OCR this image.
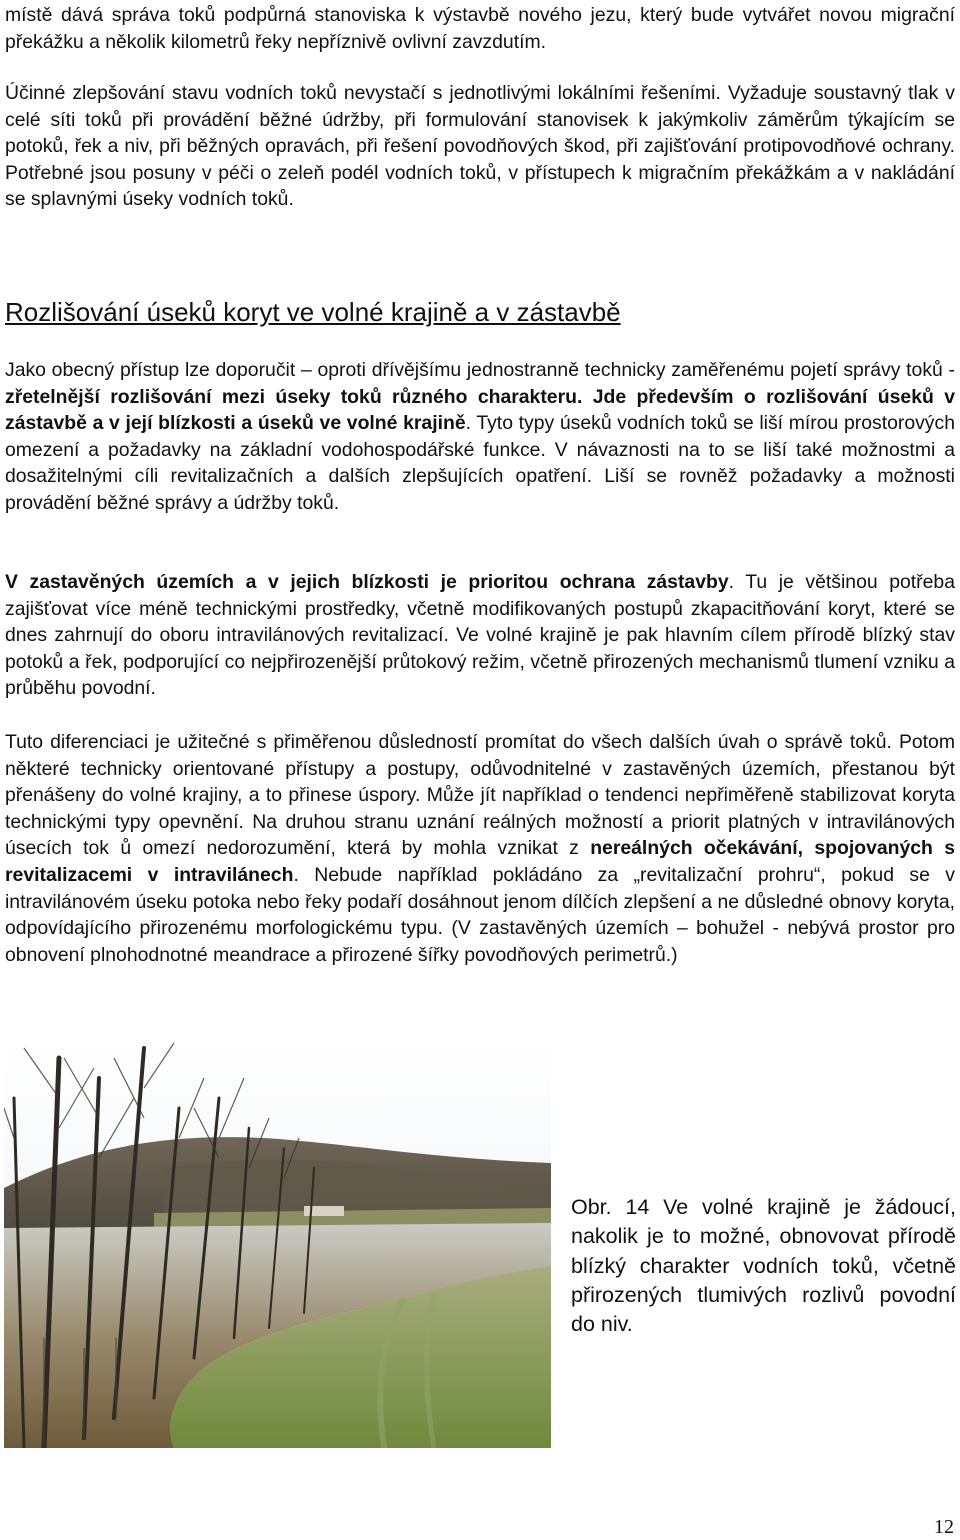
místě dává správa toků podpůrná stanoviska k výstavbě nového jezu, který bude vytvářet novou migrační překážku a několik kilometrů řeky nepříznivě ovlivní zavzdutím.

Účinné zlepšování stavu vodních toků nevystačí s jednotlivými lokálními řešeními. Vyžaduje soustavný tlak v celé síti toků při provádění běžné údržby, při formulování stanovisek k jakýmkoliv záměrům týkajícím se potoků, řek a niv, při běžných opravách, při řešení povodňových škod, při zajišťování protipovodňové ochrany. Potřebné jsou posuny v péči o zeleň podél vodních toků, v přístupech k migračním překážkám a v nakládání se splavnými úseky vodních toků.

Rozlišování úseků koryt ve volné krajině a v zástavbě

Jako obecný přístup lze doporučit – oproti dřívějšímu jednostranně technicky zaměřenému pojetí správy toků - zřetelnější rozlišování mezi úseky toků různého charakteru. Jde především o rozlišování úseků v zástavbě a v její blízkosti a úseků ve volné krajině. Tyto typy úseků vodních toků se liší mírou prostorových omezení a požadavky na základní vodohospodářské funkce. V návaznosti na to se liší také možnostmi a dosažitelnými cíli revitalizačních a dalších zlepšujících opatření. Liší se rovněž požadavky a možnosti provádění běžné správy a údržby toků.

V zastavěných územích a v jejich blízkosti je prioritou ochrana zástavby. Tu je většinou potřeba zajišťovat více méně technickými prostředky, včetně modifikovaných postupů zkapacitňování koryt, které se dnes zahrnují do oboru intravilánových revitalizací. Ve volné krajině je pak hlavním cílem přírodě blízký stav potoků a řek, podporující co nejpřirozenější průtokový režim, včetně přirozených mechanismů tlumení vzniku a průběhu povodní.

Tuto diferenciaci je užitečné s přiměřenou důsledností promítat do všech dalších úvah o správě toků. Potom některé technicky orientované přístupy a postupy, odůvodnitelné v zastavěných územích, přestanou být přenášeny do volné krajiny, a to přinese úspory. Může jít například o tendenci nepřiměřeně stabilizovat koryta technickými typy opevnění. Na druhou stranu uznání reálných možností a priorit platných v intravilánových úsecích tok ů omezí nedorozumění, která by mohla vznikat z nereálných očekávání, spojovaných s revitalizacemi v intravilánech. Nebude například pokládáno za „revitalizační prohru“, pokud se v intravilánovém úseku potoka nebo řeky podaří dosáhnout jenom dílčích zlepšení a ne důsledné obnovy koryta, odpovídajícího přirozenému morfologickému typu. (V zastavěných územích – bohužel - nebývá prostor pro obnovení plnohodnotné meandrace a přirozené šířky povodňových perimetrů.)

Obr. 14 Ve volné krajině je žádoucí, nakolik je to možné, obnovovat přírodě blízký charakter vodních toků, včetně přirozených tlumivých rozlivů povodní do niv.

12
